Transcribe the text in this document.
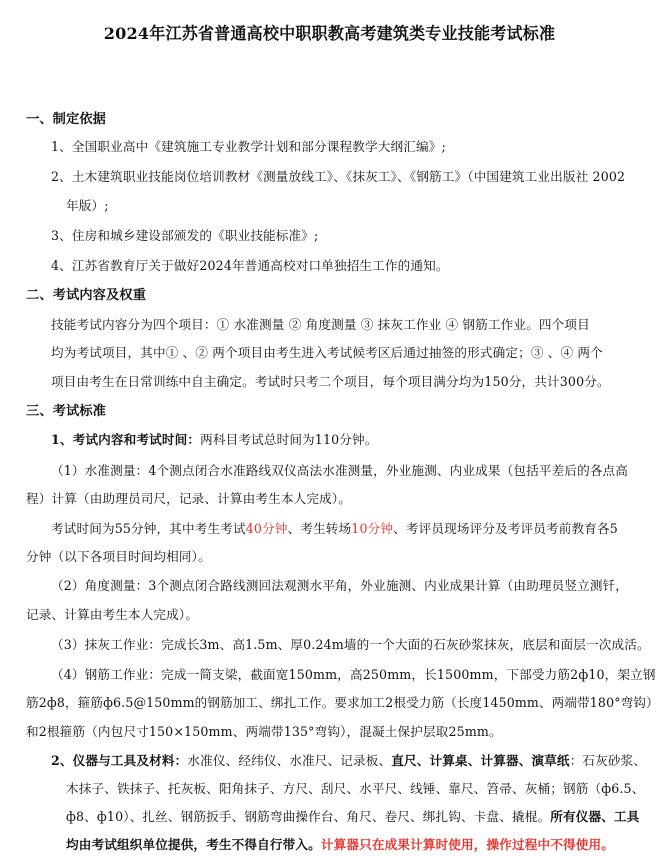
2024年江苏省普通高校中职职教高考建筑类专业技能考试标准
一、制定依据
1、全国职业高中《建筑施工专业教学计划和部分课程教学大纲汇编》;
2、土木建筑职业技能岗位培训教材《测量放线工》、《抹灰工》、《钢筋工》（中国建筑工业出版社 2002
年版）;
3、住房和城乡建设部颁发的《职业技能标准》;
4、江苏省教育厅关于做好2024年普通高校对口单独招生工作的通知。
二、考试内容及权重
技能考试内容分为四个项目：① 水准测量 ② 角度测量 ③ 抹灰工作业 ④ 钢筋工作业。四个项目
均为考试项目，其中① 、② 两个项目由考生进入考试候考区后通过抽签的形式确定；③ 、④ 两个
项目由考生在日常训练中自主确定。考试时只考二个项目，每个项目满分均为150分，共计300分。
三、考试标准
1、考试内容和考试时间：两科目考试总时间为110分钟。
（1）水准测量：4个测点闭合水准路线双仪高法水准测量，外业施测、内业成果（包括平差后的各点高
程）计算（由助理员司尺，记录、计算由考生本人完成）。
考试时间为55分钟，其中考生考试40分钟、考生转场10分钟、考评员现场评分及考评员考前教育各5
分钟（以下各项目时间均相同）。
（2）角度测量：3个测点闭合路线测回法观测水平角，外业施测、内业成果计算（由助理员竖立测钎，
记录、计算由考生本人完成）。
（3）抹灰工作业：完成长3m、高1.5m、厚0.24m墙的一个大面的石灰砂浆抹灰，底层和面层一次成活。
（4）钢筋工作业：完成一简支梁，截面宽150mm，高250mm，长1500mm，下部受力筋2ф10，架立钢
筋2ф8，箍筋ф6.5@150mm的钢筋加工、绑扎工作。要求加工2根受力筋（长度1450mm、两端带180°弯钩）
和2根箍筋（内包尺寸150×150mm、两端带135°弯钩），混凝土保护层取25mm。
2、仪器与工具及材料：水准仪、经纬仪、水准尺、记录板、直尺、计算桌、计算器、演草纸：石灰砂浆、
木抹子、铁抹子、托灰板、阳角抹子、方尺、刮尺、水平尺、线锤、靠尺、笤帚、灰桶；钢筋（ф6.5、
ф8、ф10）、扎丝、钢筋扳手、钢筋弯曲操作台、角尺、卷尺、绑扎钩、卡盘、撬棍。所有仪器、工具
均由考试组织单位提供，考生不得自行带入。计算器只在成果计算时使用，操作过程中不得使用。
